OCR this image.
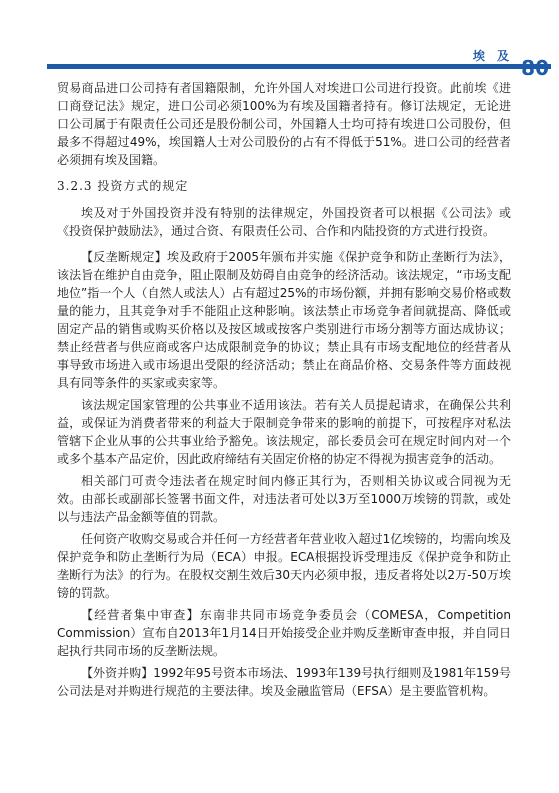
埃 及

贸易商品进口公司持有者国籍限制，允许外国人对埃进口公司进行投资。此前埃《进口商登记法》规定，进口公司必须100%为有埃及国籍者持有。修订法规定，无论进口公司属于有限责任公司还是股份制公司，外国籍人士均可持有埃进口公司股份，但最多不得超过49%，埃国籍人士对公司股份的占有不得低于51%。进口公司的经营者必须拥有埃及国籍。

3.2.3 投资方式的规定

埃及对于外国投资并没有特别的法律规定，外国投资者可以根据《公司法》或《投资保护鼓励法》，通过合资、有限责任公司、合作和内陆投资的方式进行投资。

【反垄断规定】埃及政府于2005年颁布并实施《保护竞争和防止垄断行为法》，该法旨在维护自由竞争，阻止限制及妨碍自由竞争的经济活动。该法规定，“市场支配地位”指一个人（自然人或法人）占有超过25%的市场份额，并拥有影响交易价格或数量的能力，且其竞争对手不能阻止这种影响。该法禁止市场竞争者间就提高、降低或固定产品的销售或购买价格以及按区域或按客户类别进行市场分割等方面达成协议；禁止经营者与供应商或客户达成限制竞争的协议；禁止具有市场支配地位的经营者从事导致市场进入或市场退出受限的经济活动；禁止在商品价格、交易条件等方面歧视具有同等条件的买家或卖家等。

该法规定国家管理的公共事业不适用该法。若有关人员提起请求，在确保公共利益，或保证为消费者带来的利益大于限制竞争带来的影响的前提下，可按程序对私法管辖下企业从事的公共事业给予豁免。该法规定，部长委员会可在规定时间内对一个或多个基本产品定价，因此政府缔结有关固定价格的协定不得视为损害竞争的活动。

相关部门可责令违法者在规定时间内修正其行为，否则相关协议或合同视为无效。由部长或副部长签署书面文件，对违法者可处以3万至1000万埃镑的罚款，或处以与违法产品金额等值的罚款。

任何资产收购交易或合并任何一方经营者年营业收入超过1亿埃镑的，均需向埃及保护竞争和防止垄断行为局（ECA）申报。ECA根据投诉受理违反《保护竞争和防止垄断行为法》的行为。在股权交割生效后30天内必须申报，违反者将处以2万-50万埃镑的罚款。

【经营者集中审查】东南非共同市场竞争委员会（COMESA，Competition Commission）宣布自2013年1月14日开始接受企业并购反垄断审查申报，并自同日起执行共同市场的反垄断法规。

【外资并购】1992年95号资本市场法、1993年139号执行细则及1981年159号公司法是对并购进行规范的主要法律。埃及金融监管局（EFSA）是主要监管机构。
